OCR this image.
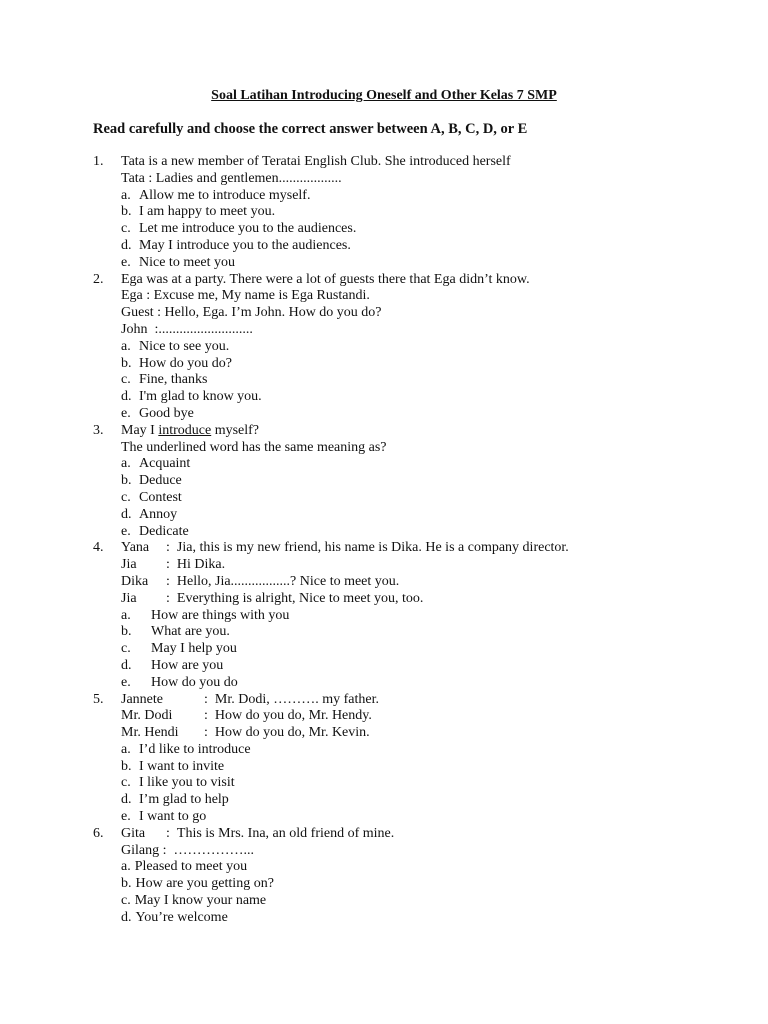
Soal Latihan Introducing Oneself and Other Kelas 7 SMP

Read carefully and choose the correct answer between A, B, C, D, or E

1. Tata is a new member of Teratai English Club. She introduced herself
Tata : Ladies and gentlemen..................
a. Allow me to introduce myself.
b. I am happy to meet you.
c. Let me introduce you to the audiences.
d. May I introduce you to the audiences.
e. Nice to meet you
2. Ega was at a party. There were a lot of guests there that Ega didn’t know.
Ega : Excuse me, My name is Ega Rustandi.
Guest : Hello, Ega. I’m John. How do you do?
John  :...........................
a. Nice to see you.
b. How do you do?
c. Fine, thanks
d. I'm glad to know you.
e. Good bye
3. May I introduce myself?
The underlined word has the same meaning as?
a. Acquaint
b. Deduce
c. Contest
d. Annoy
e. Dedicate
4. Yana : Jia, this is my new friend, his name is Dika. He is a company director.
Jia : Hi Dika.
Dika : Hello, Jia.................? Nice to meet you.
Jia : Everything is alright, Nice to meet you, too.
a. How are things with you
b. What are you.
c. May I help you
d. How are you
e. How do you do
5. Jannete	: Mr. Dodi, ………. my father.
Mr. Dodi : How do you do, Mr. Hendy.
Mr. Hendi : How do you do, Mr. Kevin.
a. I’d like to introduce
b. I want to invite
c. I like you to visit
d. I’m glad to help
e. I want to go
6. Gita : This is Mrs. Ina, an old friend of mine.
Gilang :  ……………...
a. Pleased to meet you
b. How are you getting on?
c. May I know your name
d. You’re welcome
